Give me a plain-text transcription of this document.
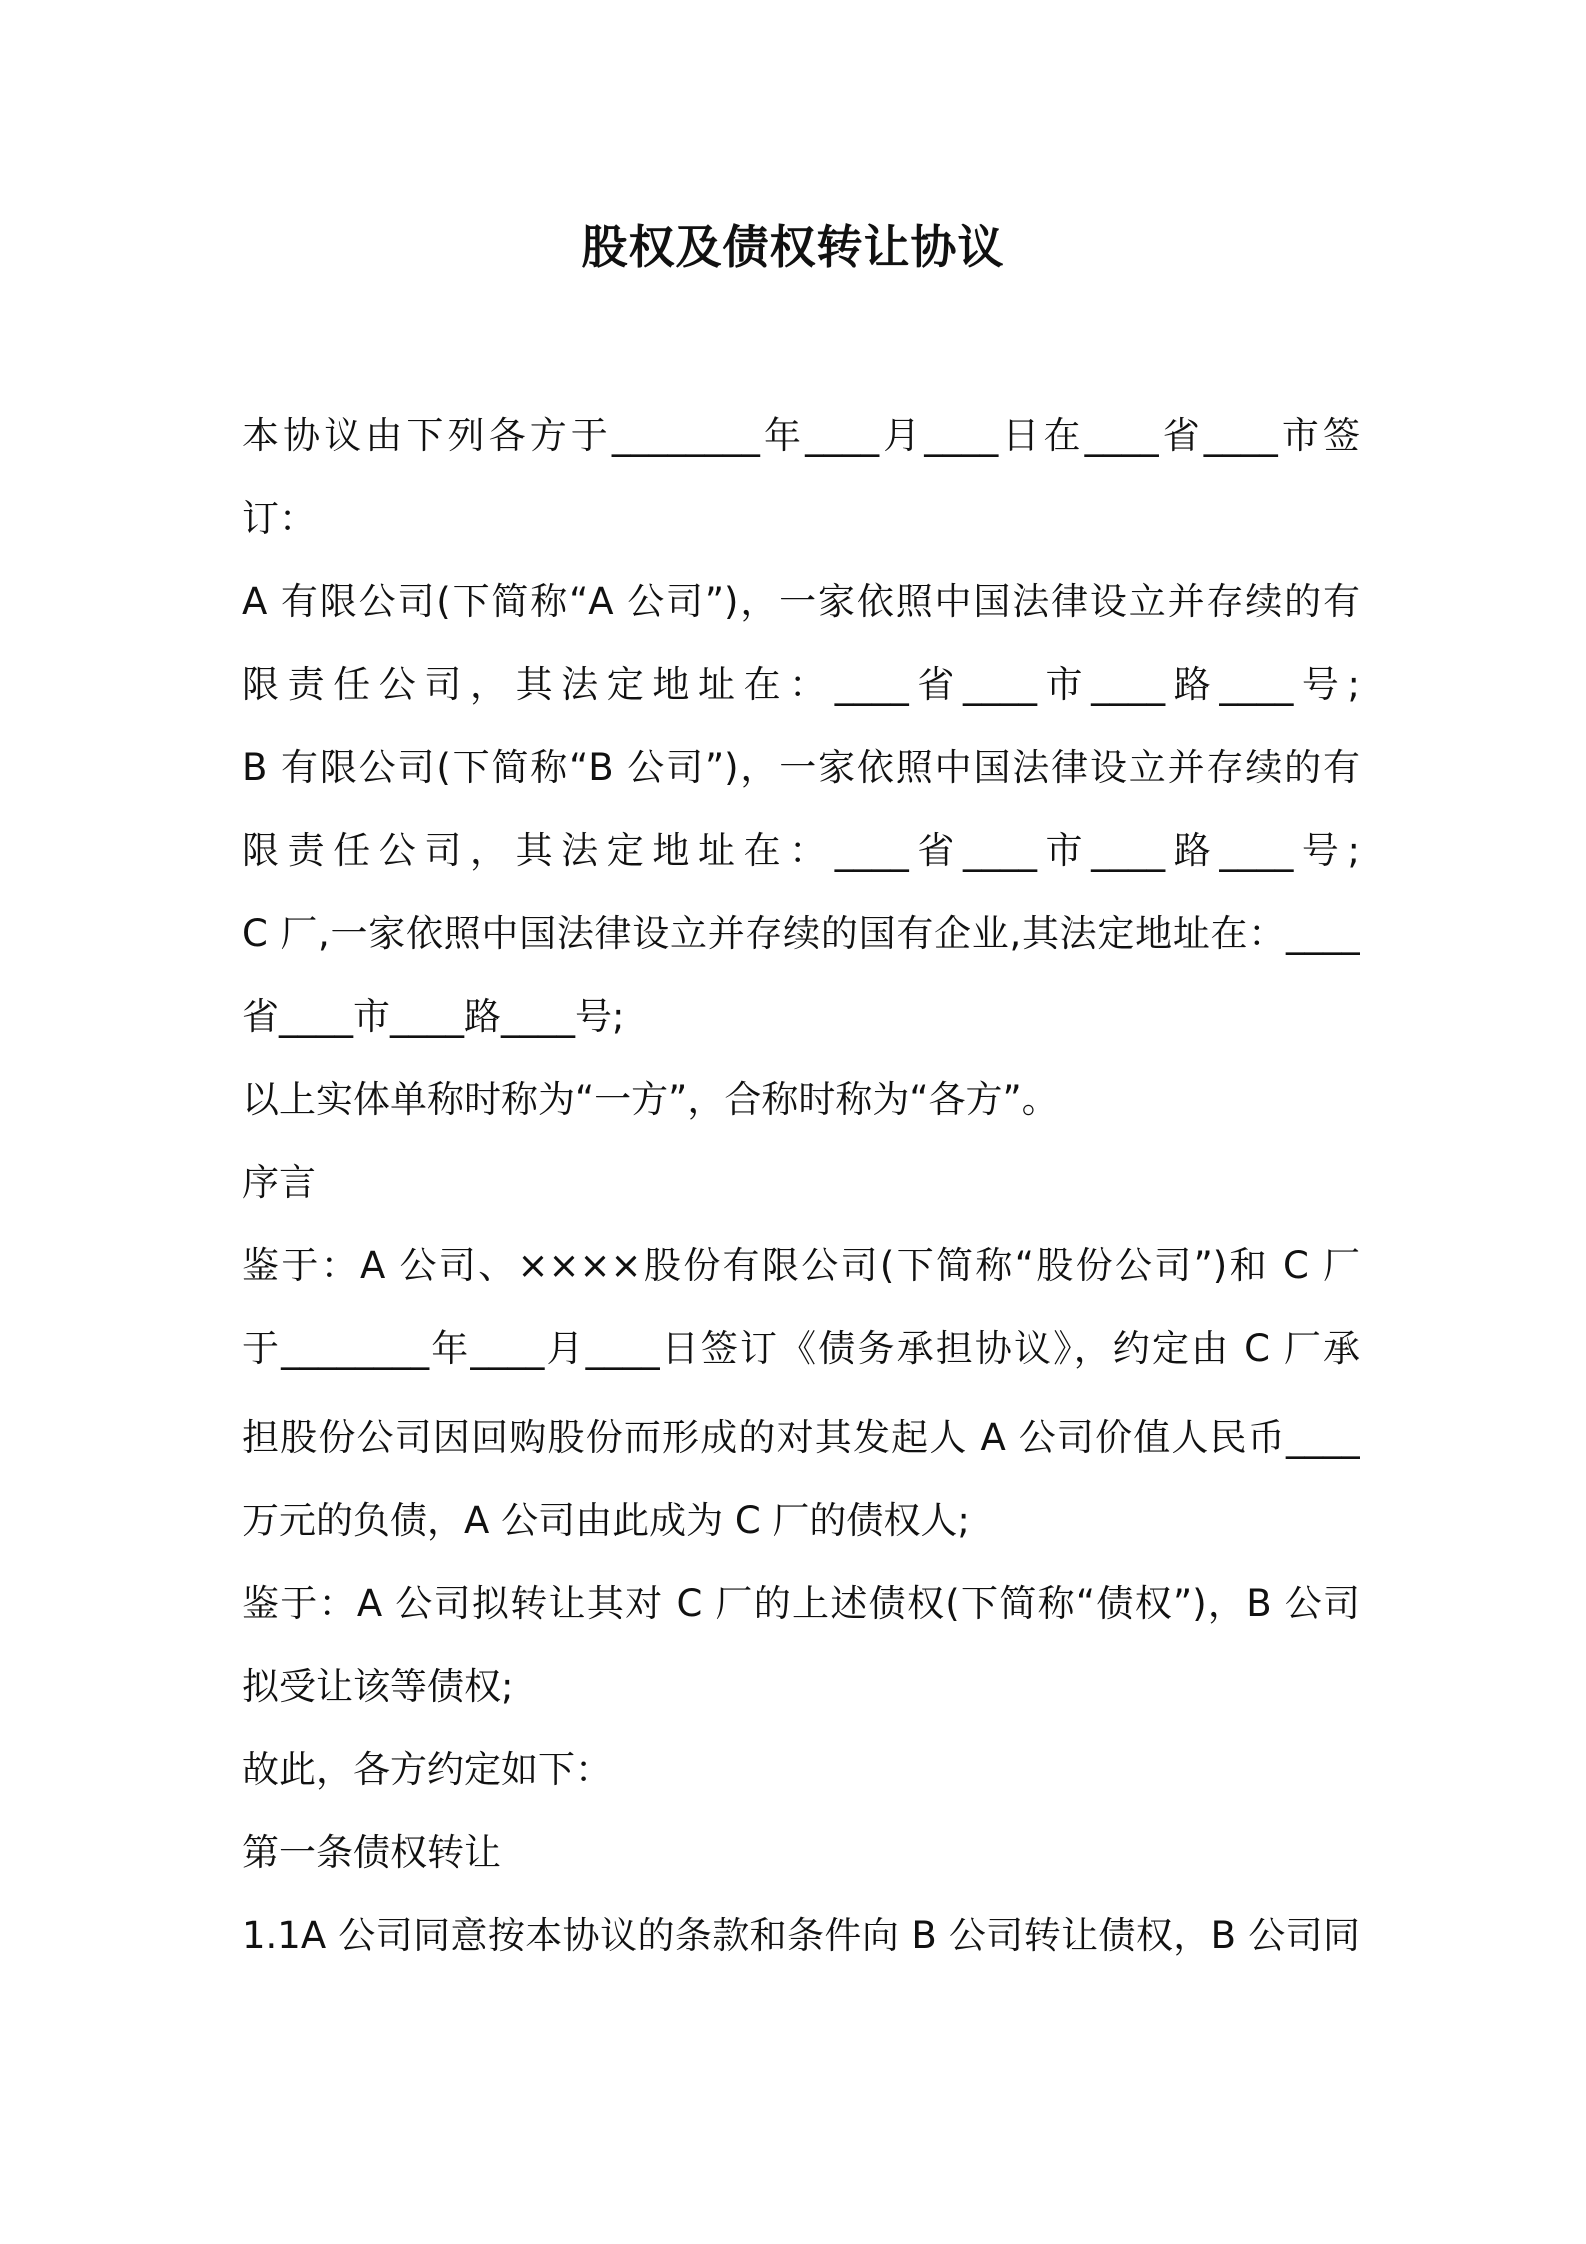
股权及债权转让协议
本协议由下列各方于________年____月____日在____省____市签
订：
A 有限公司(下简称“A 公司”)，一家依照中国法律设立并存续的有
限责任公司，其法定地址在：____省____市____路____号;
B 有限公司(下简称“B 公司”)，一家依照中国法律设立并存续的有
限责任公司，其法定地址在：____省____市____路____号;
C 厂,一家依照中国法律设立并存续的国有企业,其法定地址在：____
省____市____路____号;
以上实体单称时称为“一方”，合称时称为“各方”。
序言
鉴于：A 公司、××××股份有限公司(下简称“股份公司”)和 C 厂
于________年____月____日签订《债务承担协议》，约定由 C 厂承
担股份公司因回购股份而形成的对其发起人 A 公司价值人民币____
万元的负债，A 公司由此成为 C 厂的债权人;
鉴于：A 公司拟转让其对 C 厂的上述债权(下简称“债权”)，B 公司
拟受让该等债权;
故此，各方约定如下：
第一条债权转让
1.1A 公司同意按本协议的条款和条件向 B 公司转让债权，B 公司同
